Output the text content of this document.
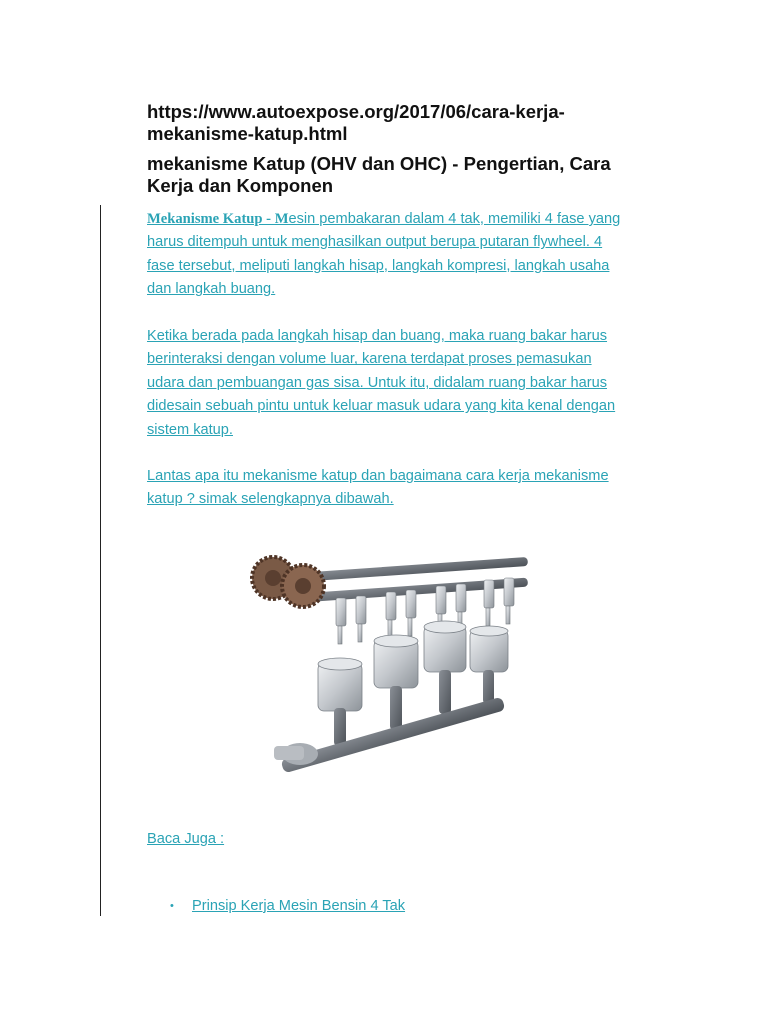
https://www.autoexpose.org/2017/06/cara-kerja-mekanisme-katup.html
mekanisme Katup (OHV dan OHC) - Pengertian, Cara Kerja dan Komponen
Mekanisme Katup - Mesin pembakaran dalam 4 tak, memiliki 4 fase yang harus ditempuh untuk menghasilkan output berupa putaran flywheel. 4 fase tersebut, meliputi langkah hisap, langkah kompresi, langkah usaha dan langkah buang.
Ketika berada pada langkah hisap dan buang, maka ruang bakar harus berinteraksi dengan volume luar, karena terdapat proses pemasukan udara dan pembuangan gas sisa. Untuk itu, didalam ruang bakar harus didesain sebuah pintu untuk keluar masuk udara yang kita kenal dengan sistem katup.
Lantas apa itu mekanisme katup dan bagaimana cara kerja mekanisme katup ? simak selengkapnya dibawah.
Baca Juga :
• Prinsip Kerja Mesin Bensin 4 Tak
